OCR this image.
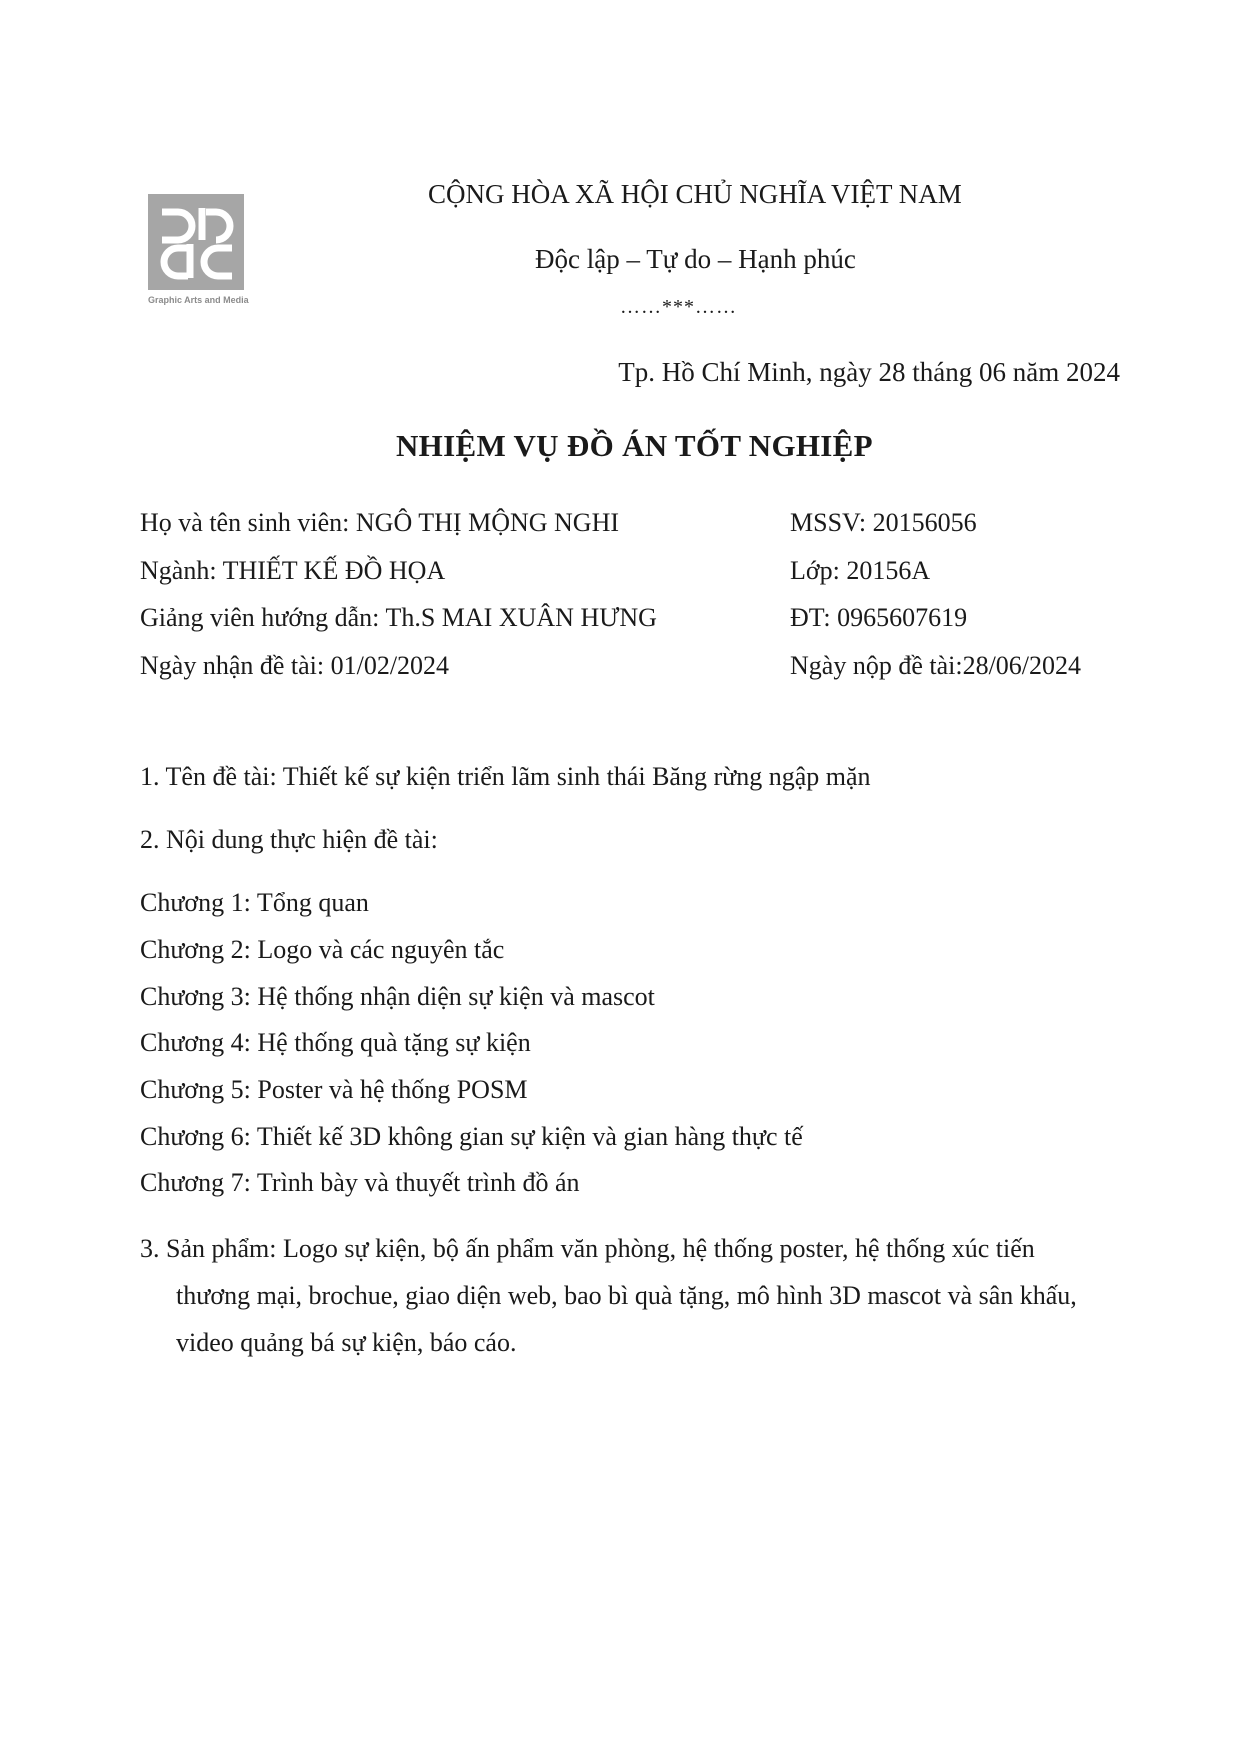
Graphic Arts and Media
CỘNG HÒA XÃ HỘI CHỦ NGHĨA VIỆT NAM
Độc lập – Tự do – Hạnh phúc
……***……
Tp. Hồ Chí Minh, ngày 28 tháng 06 năm 2024
NHIỆM VỤ ĐỒ ÁN TỐT NGHIỆP
Họ và tên sinh viên: NGÔ THỊ MỘNG NGHI	MSSV: 20156056
Ngành: THIẾT KẾ ĐỒ HỌA	Lớp: 20156A
Giảng viên hướng dẫn: Th.S MAI XUÂN HƯNG	ĐT: 0965607619
Ngày nhận đề tài: 01/02/2024	Ngày nộp đề tài:28/06/2024
1. Tên đề tài: Thiết kế sự kiện triển lãm sinh thái Băng rừng ngập mặn
2. Nội dung thực hiện đề tài:
Chương 1: Tổng quan
Chương 2: Logo và các nguyên tắc
Chương 3: Hệ thống nhận diện sự kiện và mascot
Chương 4: Hệ thống quà tặng sự kiện
Chương 5: Poster và hệ thống POSM
Chương 6: Thiết kế 3D không gian sự kiện và gian hàng thực tế
Chương 7: Trình bày và thuyết trình đồ án
3. Sản phẩm: Logo sự kiện, bộ ấn phẩm văn phòng, hệ thống poster, hệ thống xúc tiến
thương mại, brochue, giao diện web, bao bì quà tặng, mô hình 3D mascot và sân khấu,
video quảng bá sự kiện, báo cáo.
